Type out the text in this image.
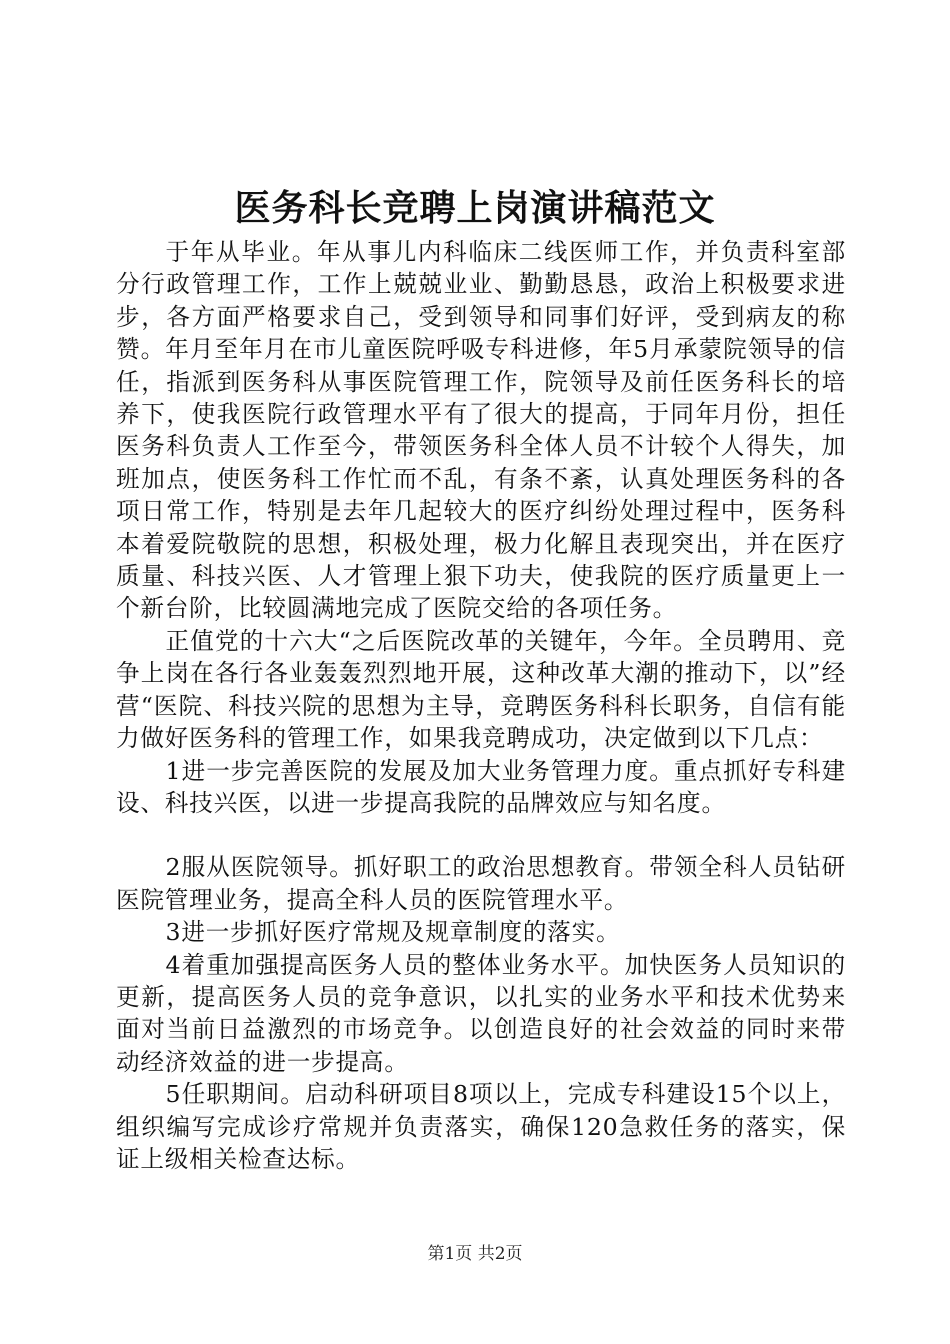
医务科长竞聘上岗演讲稿范文

于年从毕业。年从事儿内科临床二线医师工作，并负责科室部分行政管理工作，工作上兢兢业业、勤勤恳恳，政治上积极要求进步，各方面严格要求自己，受到领导和同事们好评，受到病友的称赞。年月至年月在市儿童医院呼吸专科进修，年5月承蒙院领导的信任，指派到医务科从事医院管理工作，院领导及前任医务科长的培养下，使我医院行政管理水平有了很大的提高，于同年月份，担任医务科负责人工作至今，带领医务科全体人员不计较个人得失，加班加点，使医务科工作忙而不乱，有条不紊，认真处理医务科的各项日常工作，特别是去年几起较大的医疗纠纷处理过程中，医务科本着爱院敬院的思想，积极处理，极力化解且表现突出，并在医疗质量、科技兴医、人才管理上狠下功夫，使我院的医疗质量更上一个新台阶，比较圆满地完成了医院交给的各项任务。

正值党的十六大“之后医院改革的关键年，今年。全员聘用、竞争上岗在各行各业轰轰烈烈地开展，这种改革大潮的推动下，以”经营“医院、科技兴院的思想为主导，竞聘医务科科长职务，自信有能力做好医务科的管理工作，如果我竞聘成功，决定做到以下几点：

1进一步完善医院的发展及加大业务管理力度。重点抓好专科建设、科技兴医，以进一步提高我院的品牌效应与知名度。

2服从医院领导。抓好职工的政治思想教育。带领全科人员钻研医院管理业务，提高全科人员的医院管理水平。

3进一步抓好医疗常规及规章制度的落实。

4着重加强提高医务人员的整体业务水平。加快医务人员知识的更新，提高医务人员的竞争意识，以扎实的业务水平和技术优势来面对当前日益激烈的市场竞争。以创造良好的社会效益的同时来带动经济效益的进一步提高。

5任职期间。启动科研项目8项以上，完成专科建设15个以上，组织编写完成诊疗常规并负责落实，确保120急救任务的落实，保证上级相关检查达标。

第1页 共2页
